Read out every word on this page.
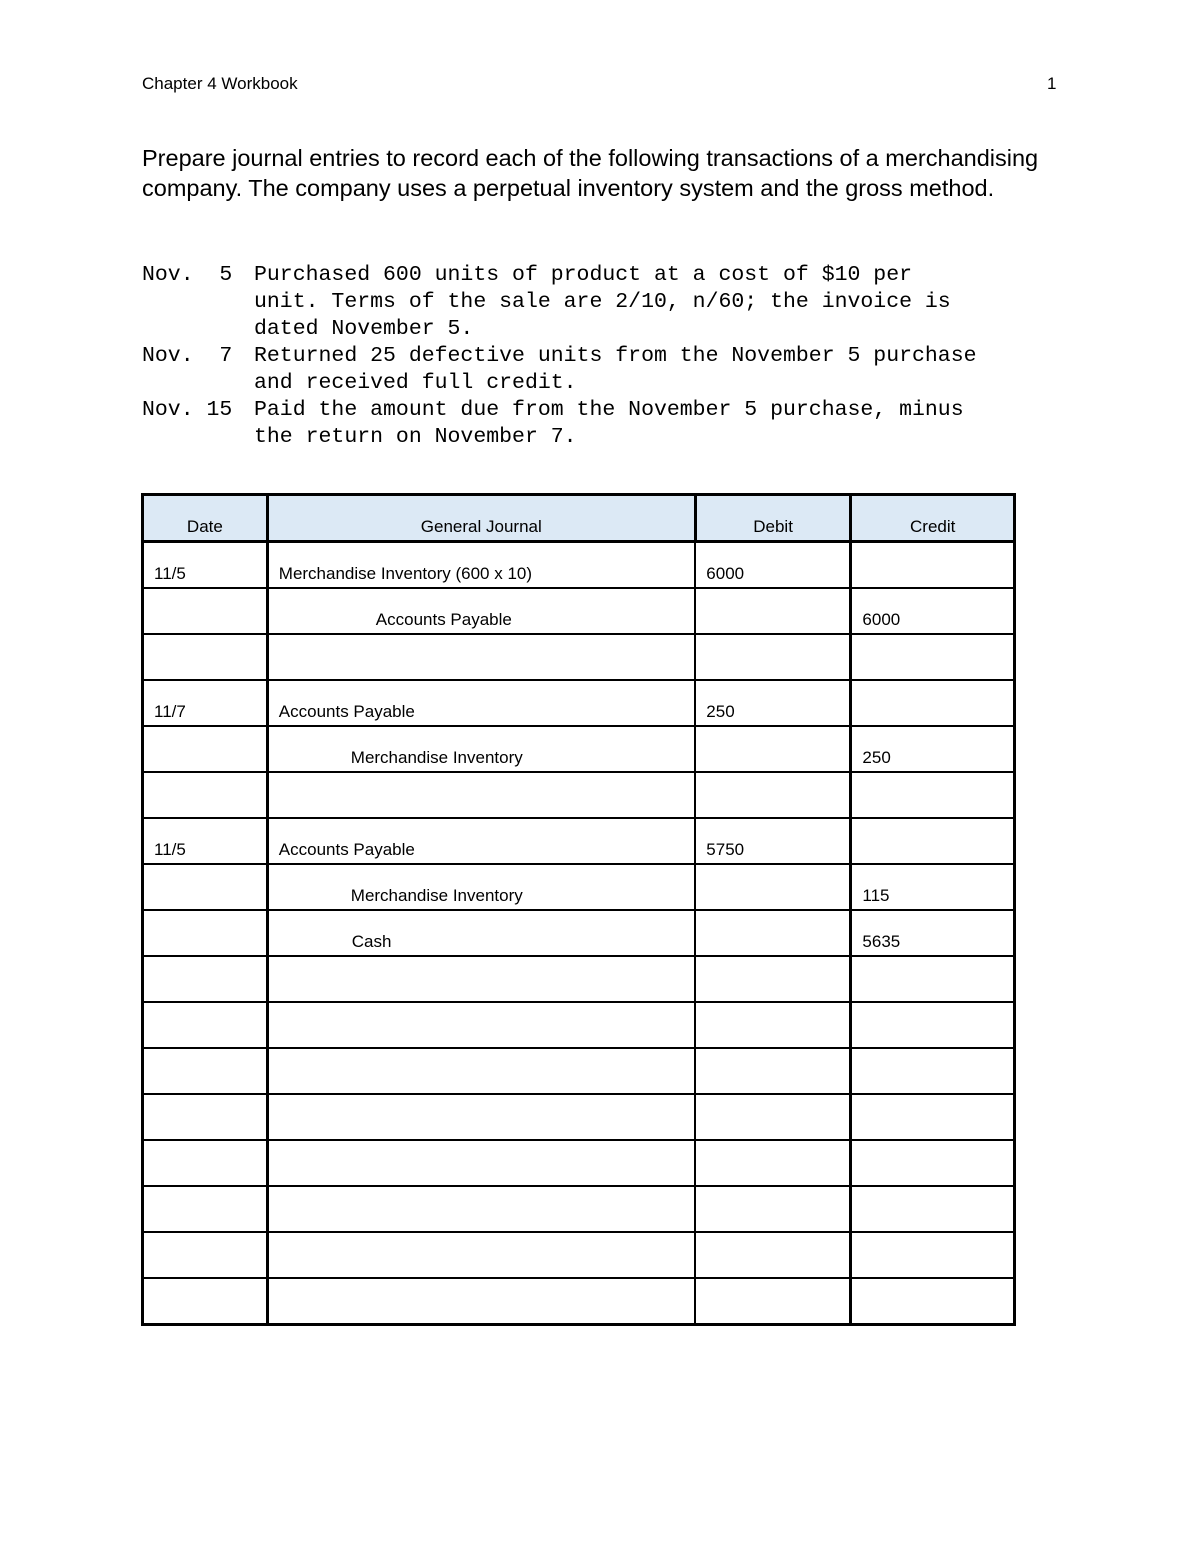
Chapter 4 Workbook	1

Prepare journal entries to record each of the following transactions of a merchandising company. The company uses a perpetual inventory system and the gross method.

Nov.  5	Purchased 600 units of product at a cost of $10 per
unit. Terms of the sale are 2/10, n/60; the invoice is
dated November 5.
Nov.  7	Returned 25 defective units from the November 5 purchase
and received full credit.
Nov. 15	Paid the amount due from the November 5 purchase, minus
the return on November 7.
Date	General Journal	Debit	Credit
11/5	Merchandise Inventory (600 x 10)	6000	
	Accounts Payable		6000

11/7	Accounts Payable	250	
	Merchandise Inventory		250

11/5	Accounts Payable	5750	
	Merchandise Inventory		115
	Cash		5635
